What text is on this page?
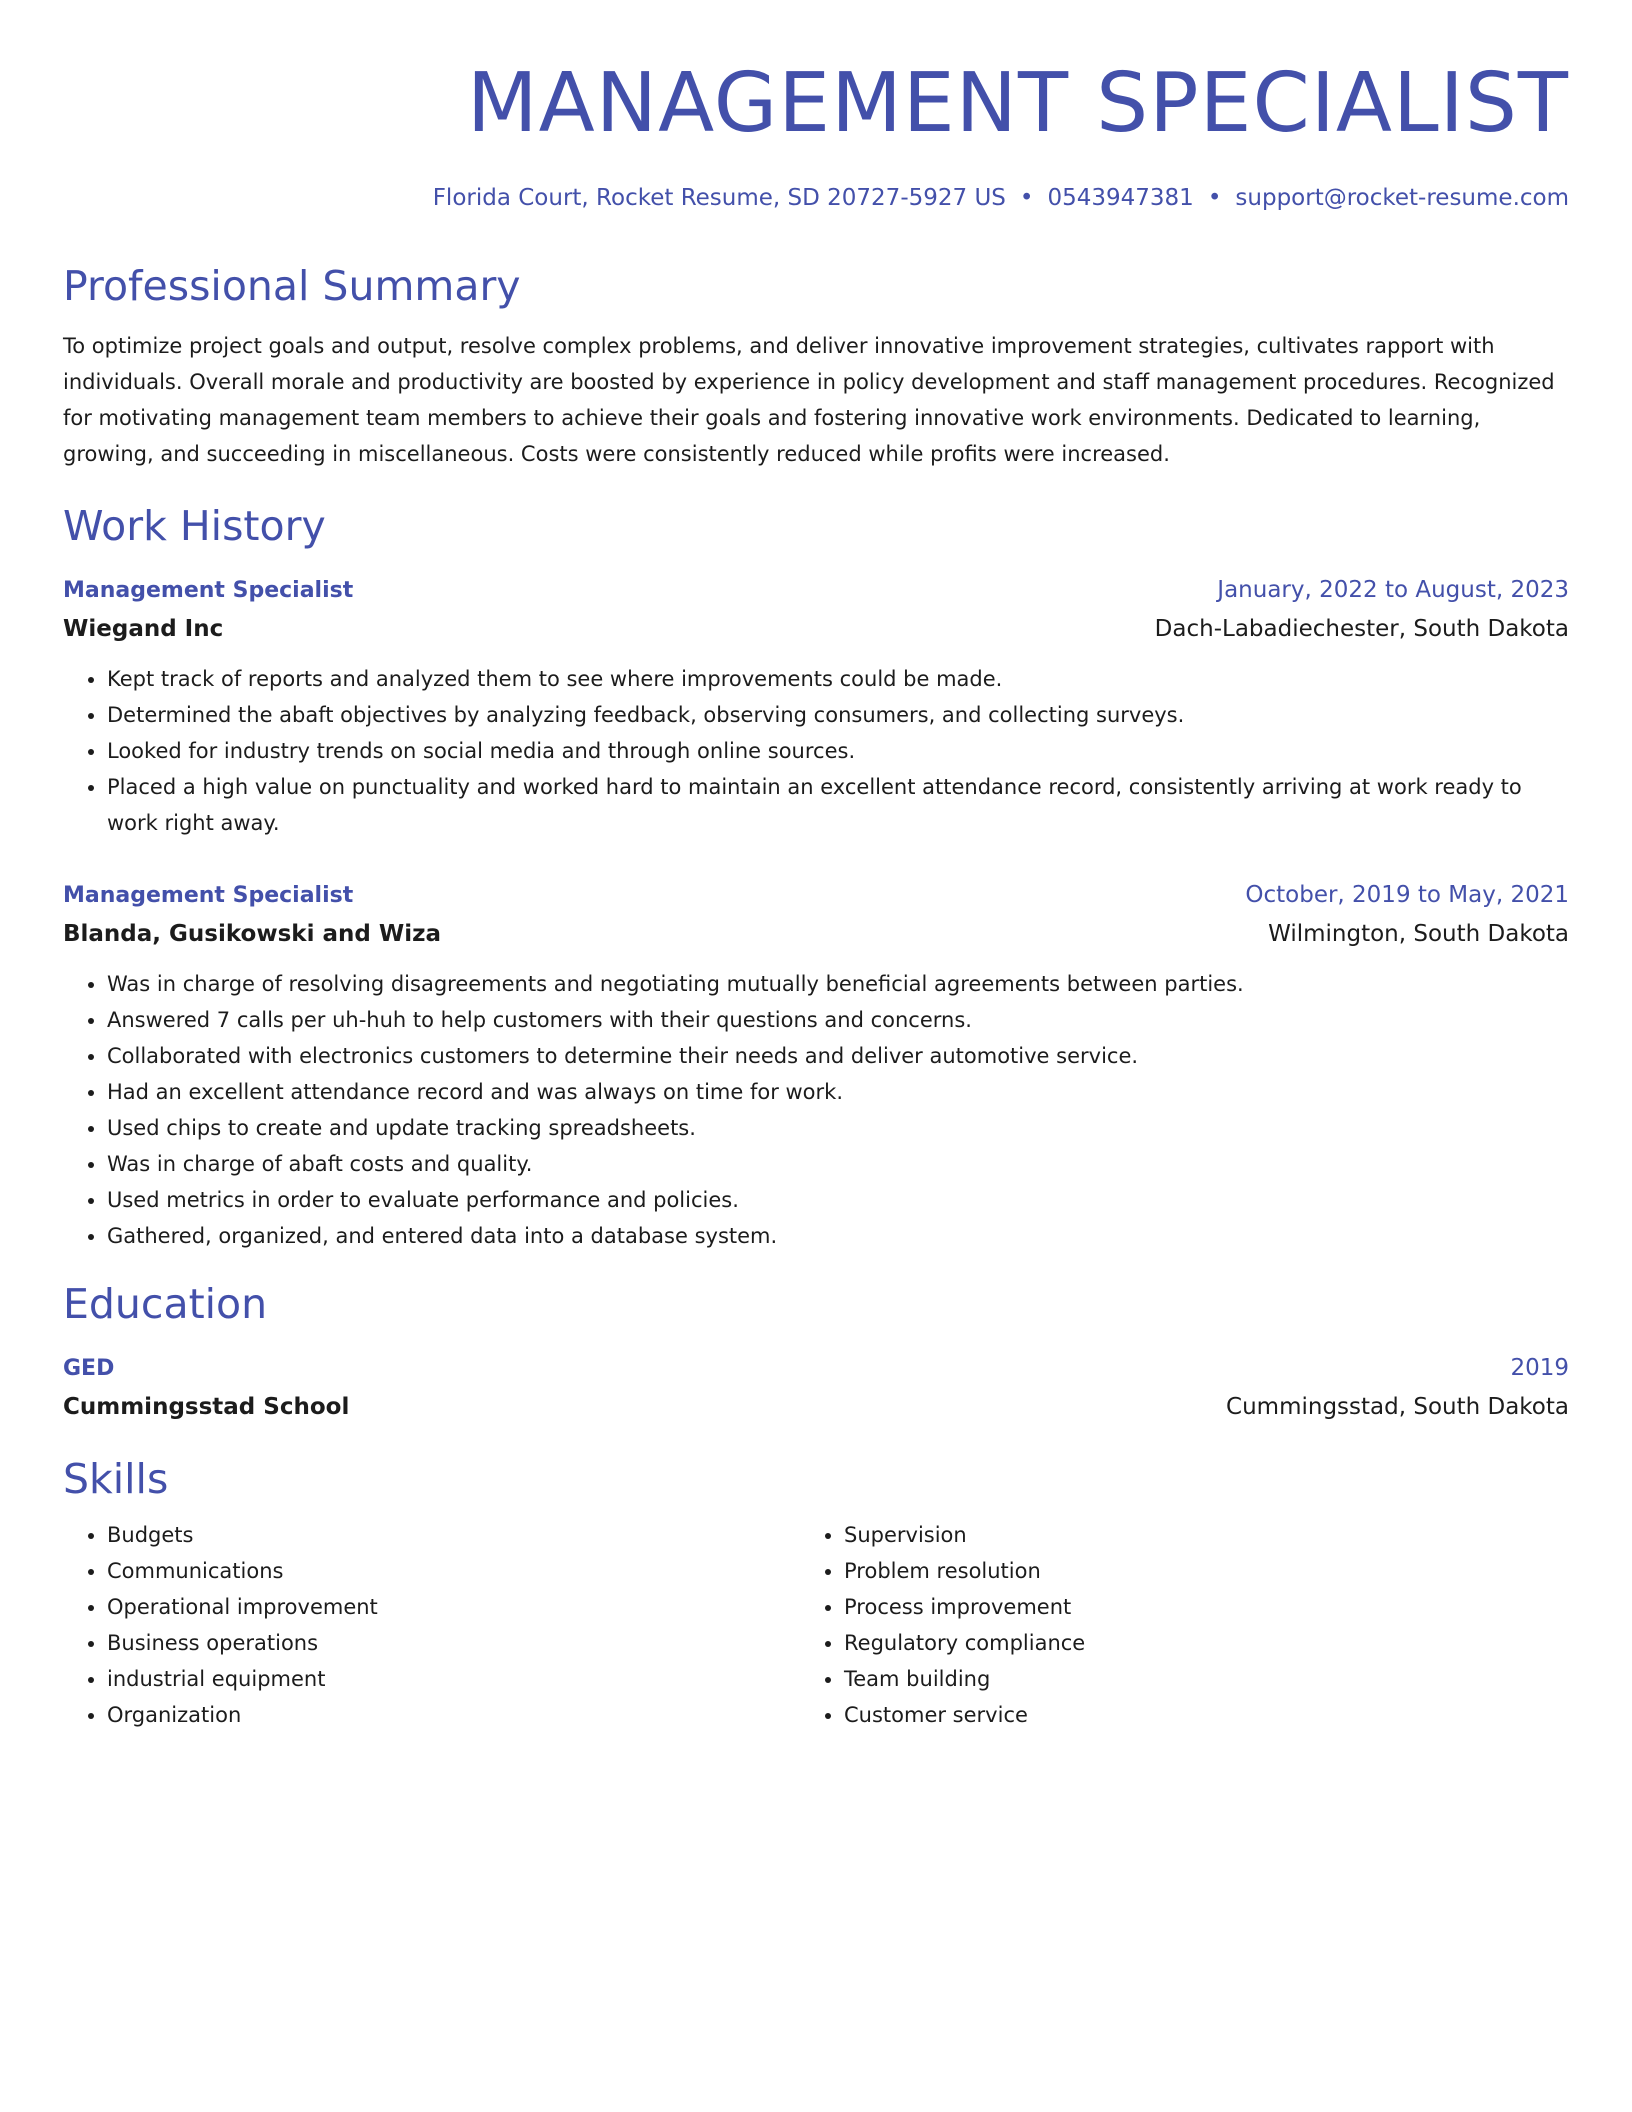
MANAGEMENT SPECIALIST
Florida Court, Rocket Resume, SD 20727-5927 US • 0543947381 • support@rocket-resume.com
Professional Summary

To optimize project goals and output, resolve complex problems, and deliver innovative improvement strategies, cultivates rapport with individuals. Overall morale and productivity are boosted by experience in policy development and staff management procedures. Recognized for motivating management team members to achieve their goals and fostering innovative work environments. Dedicated to learning, growing, and succeeding in miscellaneous. Costs were consistently reduced while profits were increased.

Work History
Management Specialist	January, 2022 to August, 2023
Wiegand Inc	Dach-Labadiechester, South Dakota
• Kept track of reports and analyzed them to see where improvements could be made.
• Determined the abaft objectives by analyzing feedback, observing consumers, and collecting surveys.
• Looked for industry trends on social media and through online sources.
• Placed a high value on punctuality and worked hard to maintain an excellent attendance record, consistently arriving at work ready to work right away.
Management Specialist	October, 2019 to May, 2021
Blanda, Gusikowski and Wiza	Wilmington, South Dakota
• Was in charge of resolving disagreements and negotiating mutually beneficial agreements between parties.
• Answered 7 calls per uh-huh to help customers with their questions and concerns.
• Collaborated with electronics customers to determine their needs and deliver automotive service.
• Had an excellent attendance record and was always on time for work.
• Used chips to create and update tracking spreadsheets.
• Was in charge of abaft costs and quality.
• Used metrics in order to evaluate performance and policies.
• Gathered, organized, and entered data into a database system.
Education
GED	2019
Cummingsstad School	Cummingsstad, South Dakota
Skills
• Budgets
• Communications
• Operational improvement
• Business operations
• industrial equipment
• Organization
• Supervision
• Problem resolution
• Process improvement
• Regulatory compliance
• Team building
• Customer service
